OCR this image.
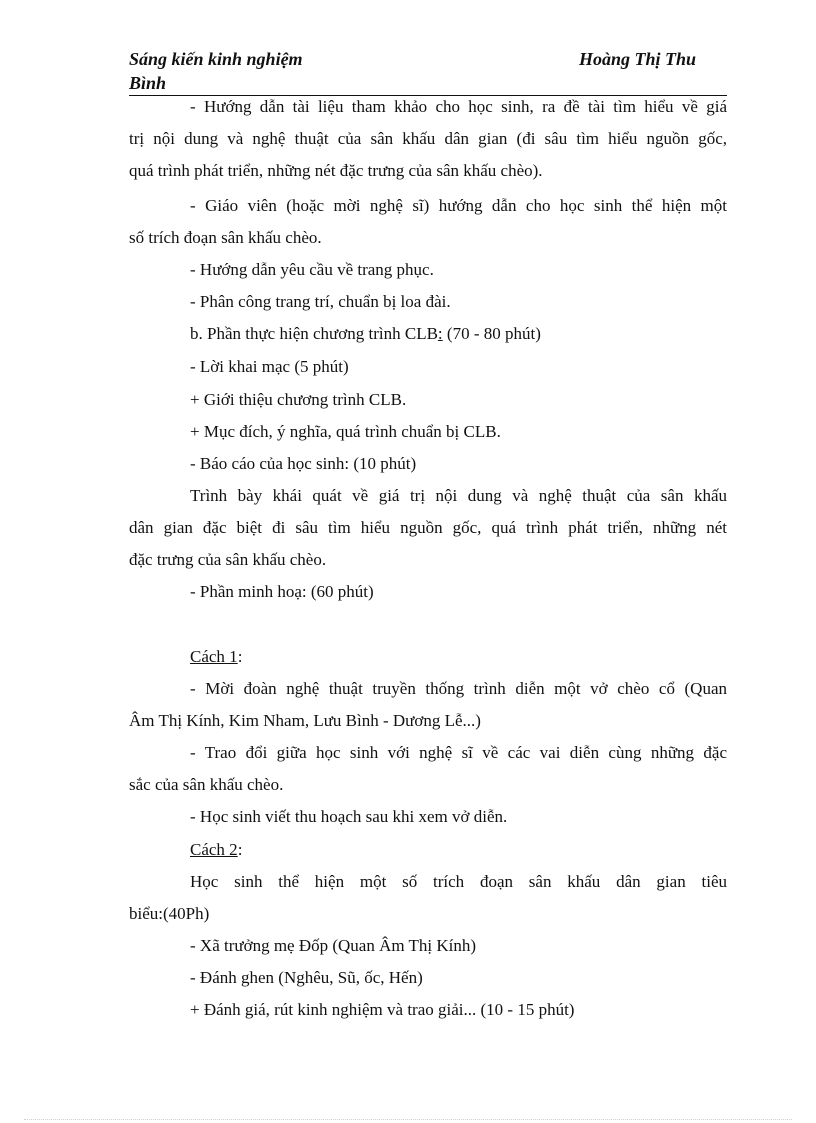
Sáng kiến kinh nghiệm	Hoàng Thị Thu
Bình
- Hướng dẫn tài liệu tham khảo cho học sinh, ra đề tài tìm hiểu về giá
trị nội dung và nghệ thuật của sân khấu dân gian (đi sâu tìm hiểu nguồn gốc,
quá trình phát triển, những nét đặc trưng của sân khấu chèo).
- Giáo viên (hoặc mời nghệ sĩ) hướng dẫn cho học sinh thể hiện một
số trích đoạn sân khấu chèo.
- Hướng dẫn yêu cầu về trang phục.
- Phân công trang trí, chuẩn bị loa đài.
b. Phần thực hiện chương trình CLB: (70 - 80 phút)
- Lời khai mạc (5 phút)
+ Giới thiệu chương trình CLB.
+ Mục đích, ý nghĩa, quá trình chuẩn bị CLB.
- Báo cáo của học sinh: (10 phút)
Trình bày khái quát về giá trị nội dung và nghệ thuật của sân khấu
dân gian đặc biệt đi sâu tìm hiểu nguồn gốc, quá trình phát triển, những nét
đặc trưng của sân khấu chèo.
- Phần minh hoạ: (60 phút)
Cách 1:
- Mời đoàn nghệ thuật truyền thống trình diễn một vở chèo cổ (Quan
Âm Thị Kính, Kim Nham, Lưu Bình - Dương Lễ...)
- Trao đổi giữa học sinh với nghệ sĩ về các vai diễn cùng những đặc
sắc của sân khấu chèo.
- Học sinh viết thu hoạch sau khi xem vở diễn.
Cách 2:
Học sinh thể hiện một số trích đoạn sân khấu dân gian tiêu
biểu:(40Ph)
- Xã trưởng mẹ Đốp (Quan Âm Thị Kính)
- Đánh ghen (Nghêu, Sũ, ốc, Hến)
+ Đánh giá, rút kinh nghiệm và trao giải... (10 - 15 phút)
